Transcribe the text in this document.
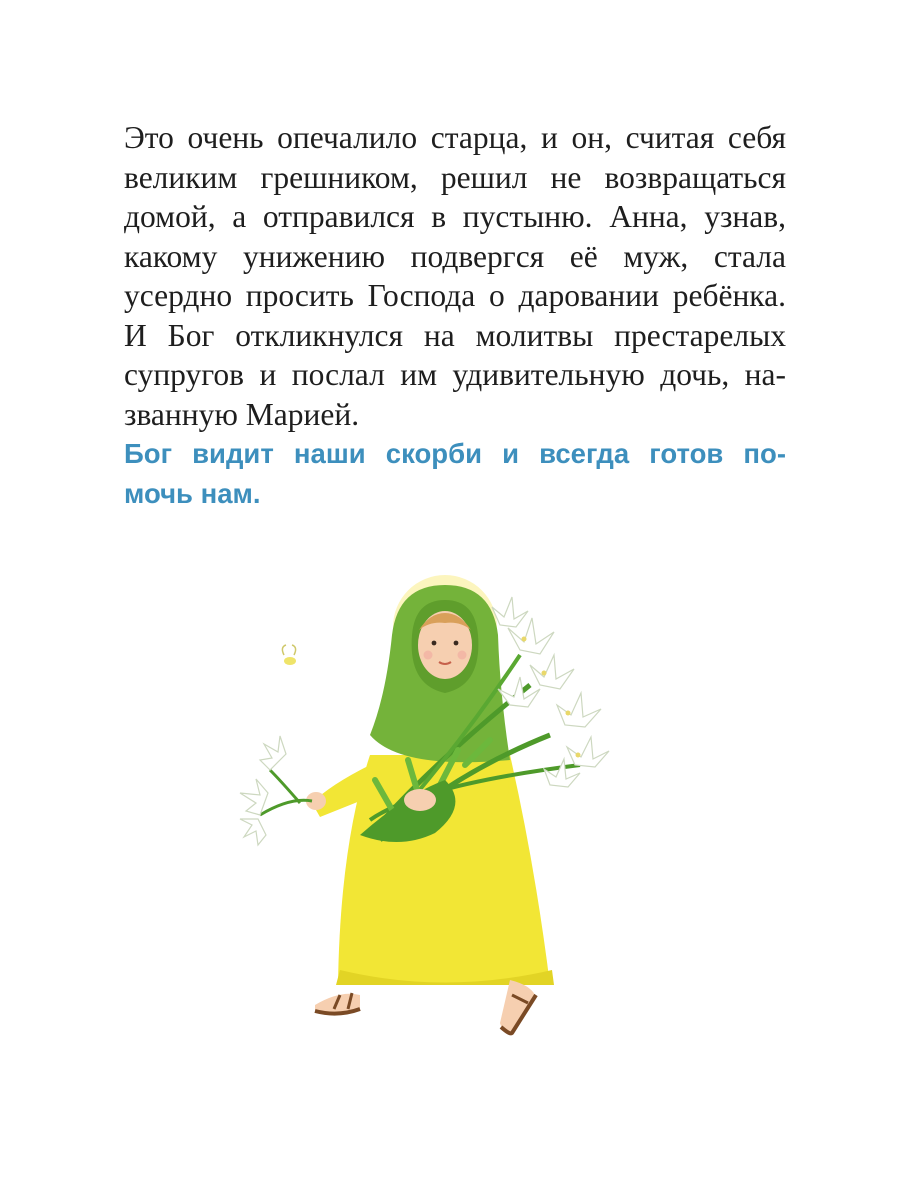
Это очень опечалило старца, и он, считая себя
великим грешником, решил не возвращаться
домой, а отправился в пустыню. Анна, узнав,
какому унижению подвергся её муж, стала
усердно просить Господа о даровании ребёнка.
И Бог откликнулся на молитвы престарелых
супругов и послал им удивительную дочь, на-
званную Марией.
Бог видит наши скорби и всегда готов по-
мочь нам.
